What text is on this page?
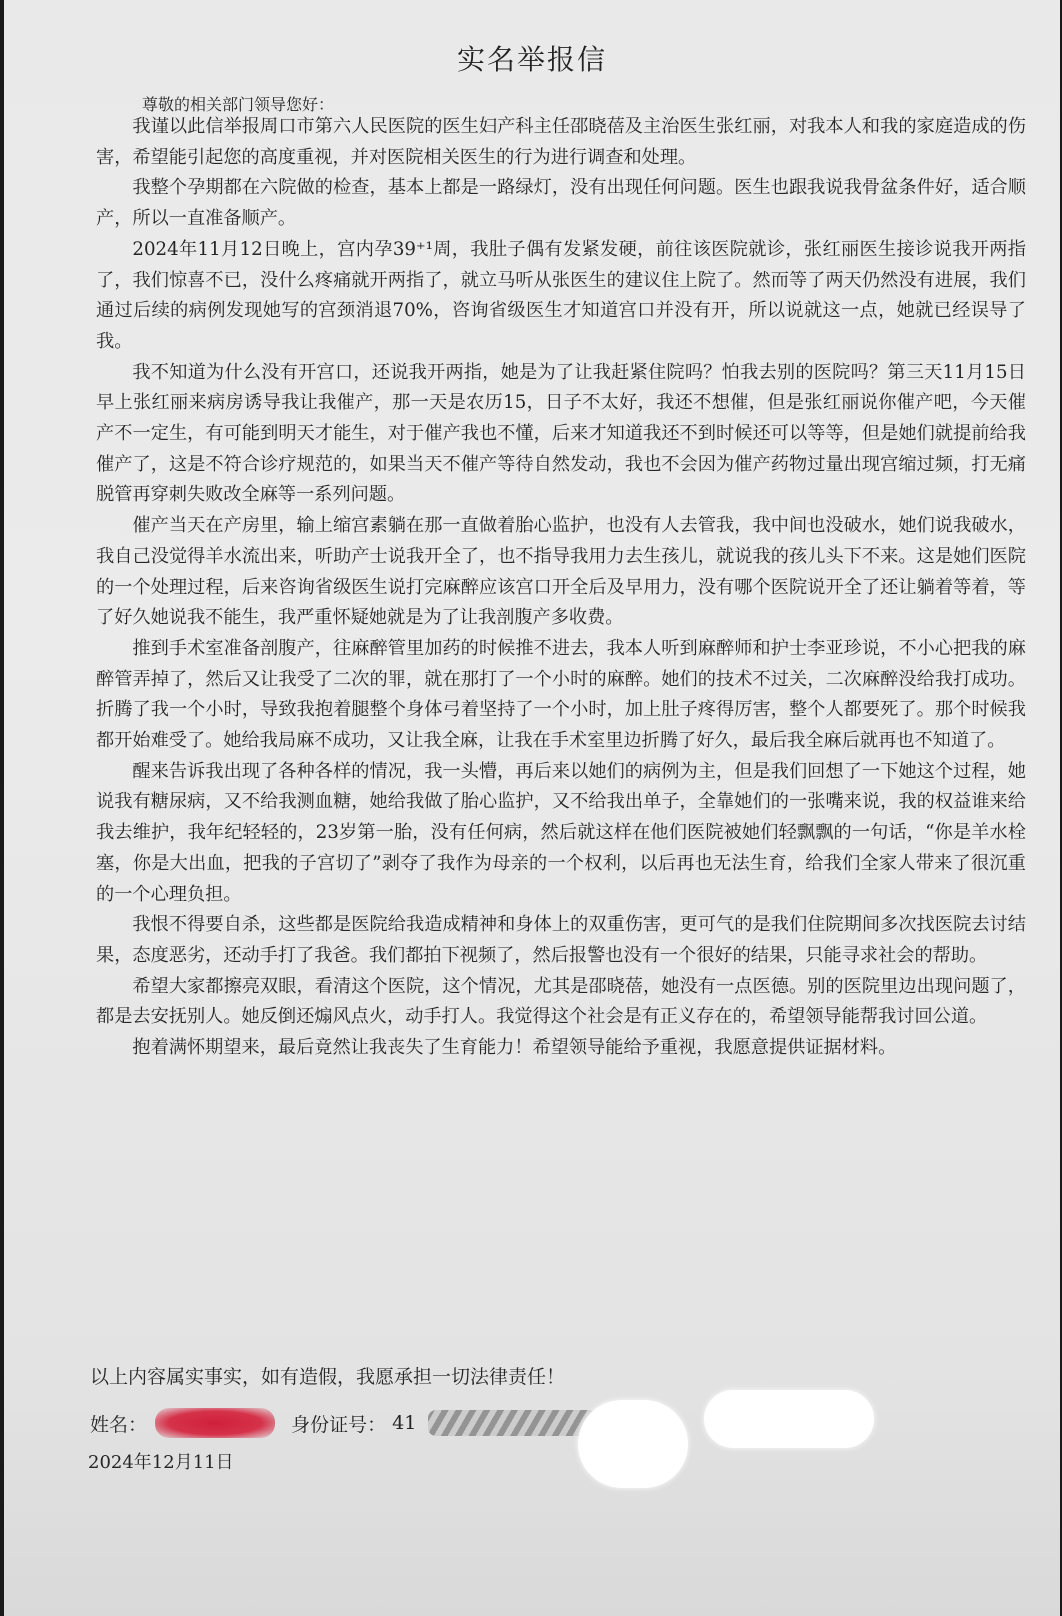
实名举报信
尊敬的相关部门领导您好：

我谨以此信举报周口市第六人民医院的医生妇产科主任邵晓蓓及主治医生张红丽，对我本人和我的家庭造成的伤害，希望能引起您的高度重视，并对医院相关医生的行为进行调查和处理。

我整个孕期都在六院做的检查，基本上都是一路绿灯，没有出现任何问题。医生也跟我说我骨盆条件好，适合顺产，所以一直准备顺产。

2024年11月12日晚上，宫内孕39⁺¹周，我肚子偶有发紧发硬，前往该医院就诊，张红丽医生接诊说我开两指了，我们惊喜不已，没什么疼痛就开两指了，就立马听从张医生的建议住上院了。然而等了两天仍然没有进展，我们通过后续的病例发现她写的宫颈消退70%，咨询省级医生才知道宫口并没有开，所以说就这一点，她就已经误导了我。

我不知道为什么没有开宫口，还说我开两指，她是为了让我赶紧住院吗？怕我去别的医院吗？第三天11月15日早上张红丽来病房诱导我让我催产，那一天是农历15，日子不太好，我还不想催，但是张红丽说你催产吧，今天催产不一定生，有可能到明天才能生，对于催产我也不懂，后来才知道我还不到时候还可以等等，但是她们就提前给我催产了，这是不符合诊疗规范的，如果当天不催产等待自然发动，我也不会因为催产药物过量出现宫缩过频，打无痛脱管再穿刺失败改全麻等一系列问题。

催产当天在产房里，输上缩宫素躺在那一直做着胎心监护，也没有人去管我，我中间也没破水，她们说我破水，我自己没觉得羊水流出来，听助产士说我开全了，也不指导我用力去生孩儿，就说我的孩儿头下不来。这是她们医院的一个处理过程，后来咨询省级医生说打完麻醉应该宫口开全后及早用力，没有哪个医院说开全了还让躺着等着，等了好久她说我不能生，我严重怀疑她就是为了让我剖腹产多收费。

推到手术室准备剖腹产，往麻醉管里加药的时候推不进去，我本人听到麻醉师和护士李亚珍说，不小心把我的麻醉管弄掉了，然后又让我受了二次的罪，就在那打了一个小时的麻醉。她们的技术不过关，二次麻醉没给我打成功。折腾了我一个小时，导致我抱着腿整个身体弓着坚持了一个小时，加上肚子疼得厉害，整个人都要死了。那个时候我都开始难受了。她给我局麻不成功，又让我全麻，让我在手术室里边折腾了好久，最后我全麻后就再也不知道了。

醒来告诉我出现了各种各样的情况，我一头懵，再后来以她们的病例为主，但是我们回想了一下她这个过程，她说我有糖尿病，又不给我测血糖，她给我做了胎心监护，又不给我出单子，全靠她们的一张嘴来说，我的权益谁来给我去维护，我年纪轻轻的，23岁第一胎，没有任何病，然后就这样在他们医院被她们轻飘飘的一句话，“你是羊水栓塞，你是大出血，把我的子宫切了”剥夺了我作为母亲的一个权利，以后再也无法生育，给我们全家人带来了很沉重的一个心理负担。

我恨不得要自杀，这些都是医院给我造成精神和身体上的双重伤害，更可气的是我们住院期间多次找医院去讨结果，态度恶劣，还动手打了我爸。我们都拍下视频了，然后报警也没有一个很好的结果，只能寻求社会的帮助。

希望大家都擦亮双眼，看清这个医院，这个情况，尤其是邵晓蓓，她没有一点医德。别的医院里边出现问题了，都是去安抚别人。她反倒还煽风点火，动手打人。我觉得这个社会是有正义存在的，希望领导能帮我讨回公道。

抱着满怀期望来，最后竟然让我丧失了生育能力！希望领导能给予重视，我愿意提供证据材料。

以上内容属实事实，如有造假，我愿承担一切法律责任！
姓名：	身份证号： 41
2024年12月11日
